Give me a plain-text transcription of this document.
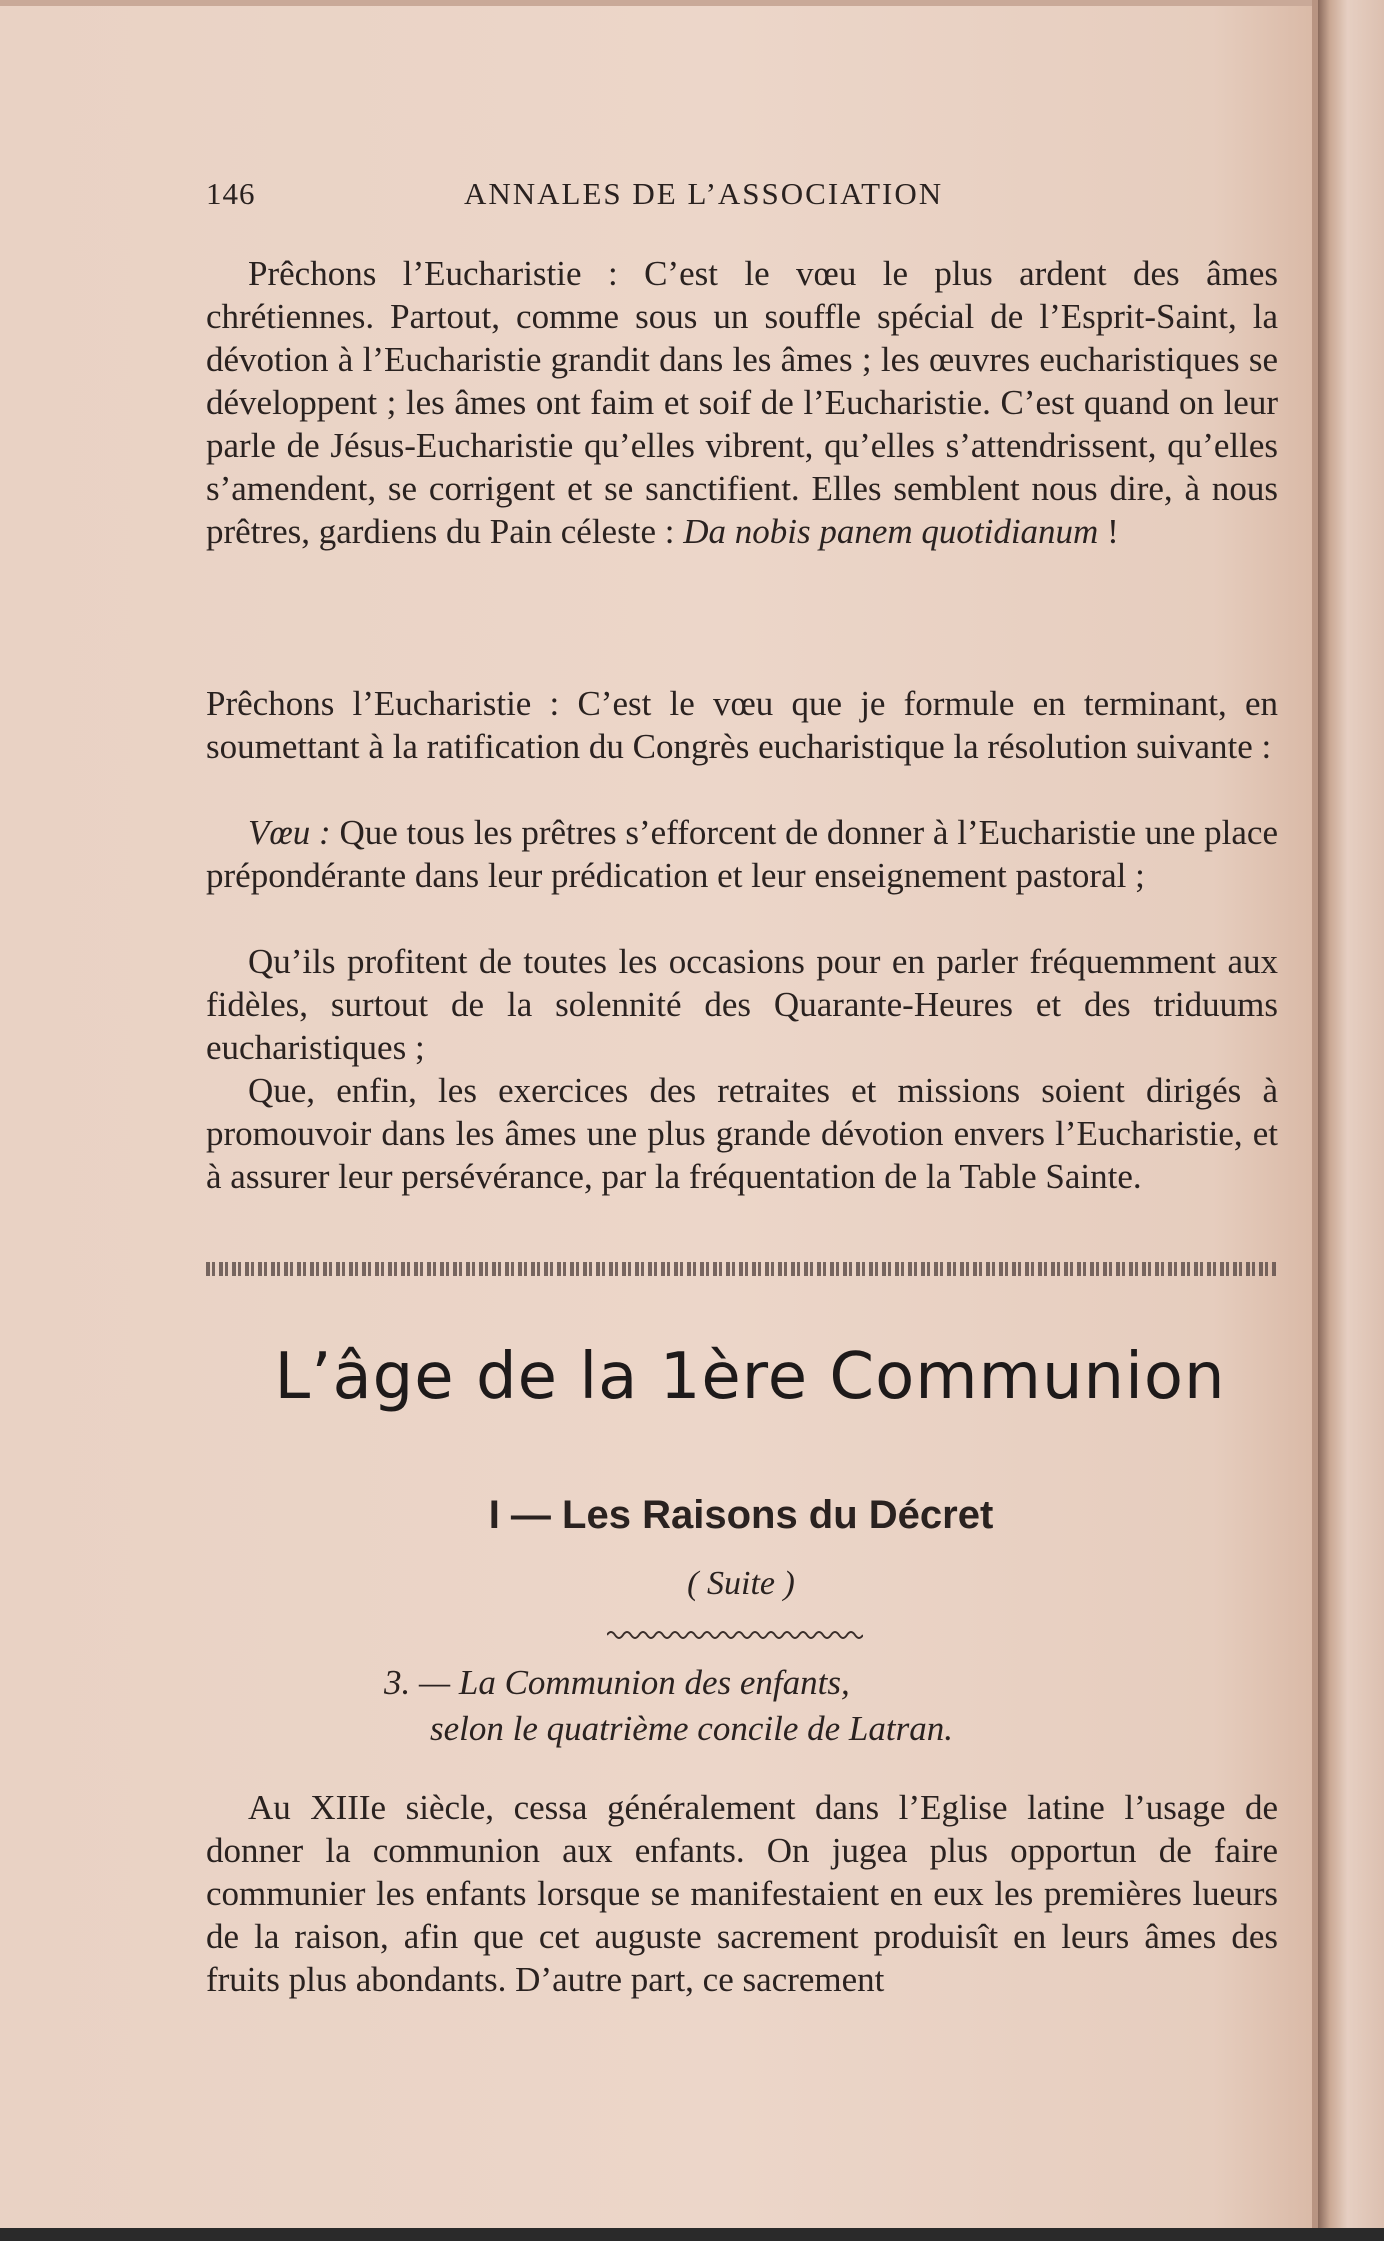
146	ANNALES DE L’ASSOCIATION

Prêchons l’Eucharistie : C’est le vœu le plus ardent des âmes chrétiennes. Partout, comme sous un souffle spécial de l’Esprit-Saint, la dévotion à l’Eucharistie grandit dans les âmes ; les œuvres eucharistiques se développent ; les âmes ont faim et soif de l’Eucharistie. C’est quand on leur parle de Jésus-Eucharistie qu’elles vibrent, qu’elles s’attendrissent, qu’elles s’amendent, se corrigent et se sanctifient. Elles semblent nous dire, à nous prêtres, gardiens du Pain céleste : Da nobis panem quotidianum !

Prêchons l’Eucharistie : C’est le vœu que je formule en terminant, en soumettant à la ratification du Congrès eucharistique la résolution suivante :

Vœu : Que tous les prêtres s’efforcent de donner à l’Eucharistie une place prépondérante dans leur prédication et leur enseignement pastoral ;

Qu’ils profitent de toutes les occasions pour en parler fréquemment aux fidèles, surtout de la solennité des Quarante-Heures et des triduums eucharistiques ;

Que, enfin, les exercices des retraites et missions soient dirigés à promouvoir dans les âmes une plus grande dévotion envers l’Eucharistie, et à assurer leur persévérance, par la fréquentation de la Table Sainte.

L’âge de la 1ère Communion
I — Les Raisons du Décret
( Suite )
3. — La Communion des enfants,
selon le quatrième concile de Latran.

Au XIIIe siècle, cessa généralement dans l’Eglise latine l’usage de donner la communion aux enfants. On jugea plus opportun de faire communier les enfants lorsque se manifestaient en eux les premières lueurs de la raison, afin que cet auguste sacrement produisît en leurs âmes des fruits plus abondants. D’autre part, ce sacrement
